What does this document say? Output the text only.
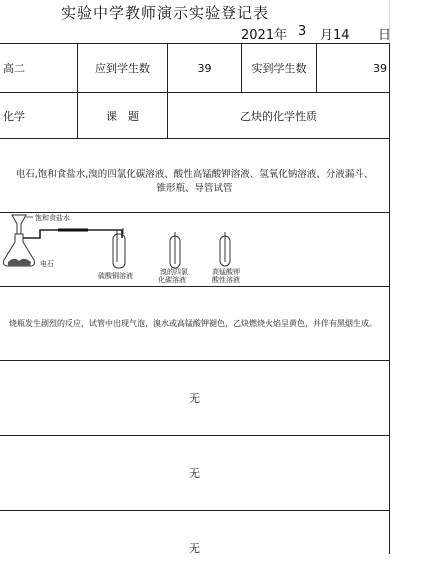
实验中学教师演示实验登记表
2021年 3 月14 日
高二	应到学生数	39	实到学生数	39
化学	课　题	乙炔的化学性质
电石,饱和食盐水,溴的四氯化碳溶液、酸性高锰酸钾溶液、氢氧化钠溶液、分液漏斗、
锥形瓶、导管试管
饱和食盐水
电石
硫酸铜溶液	溴的四氯
化碳溶液
高锰酸钾
酸性溶液
烧瓶发生剧烈的反应，试管中出现气泡，溴水或高锰酸钾褪色，乙炔燃烧火焰呈黄色，并伴有黑烟生成。
无
无
无
